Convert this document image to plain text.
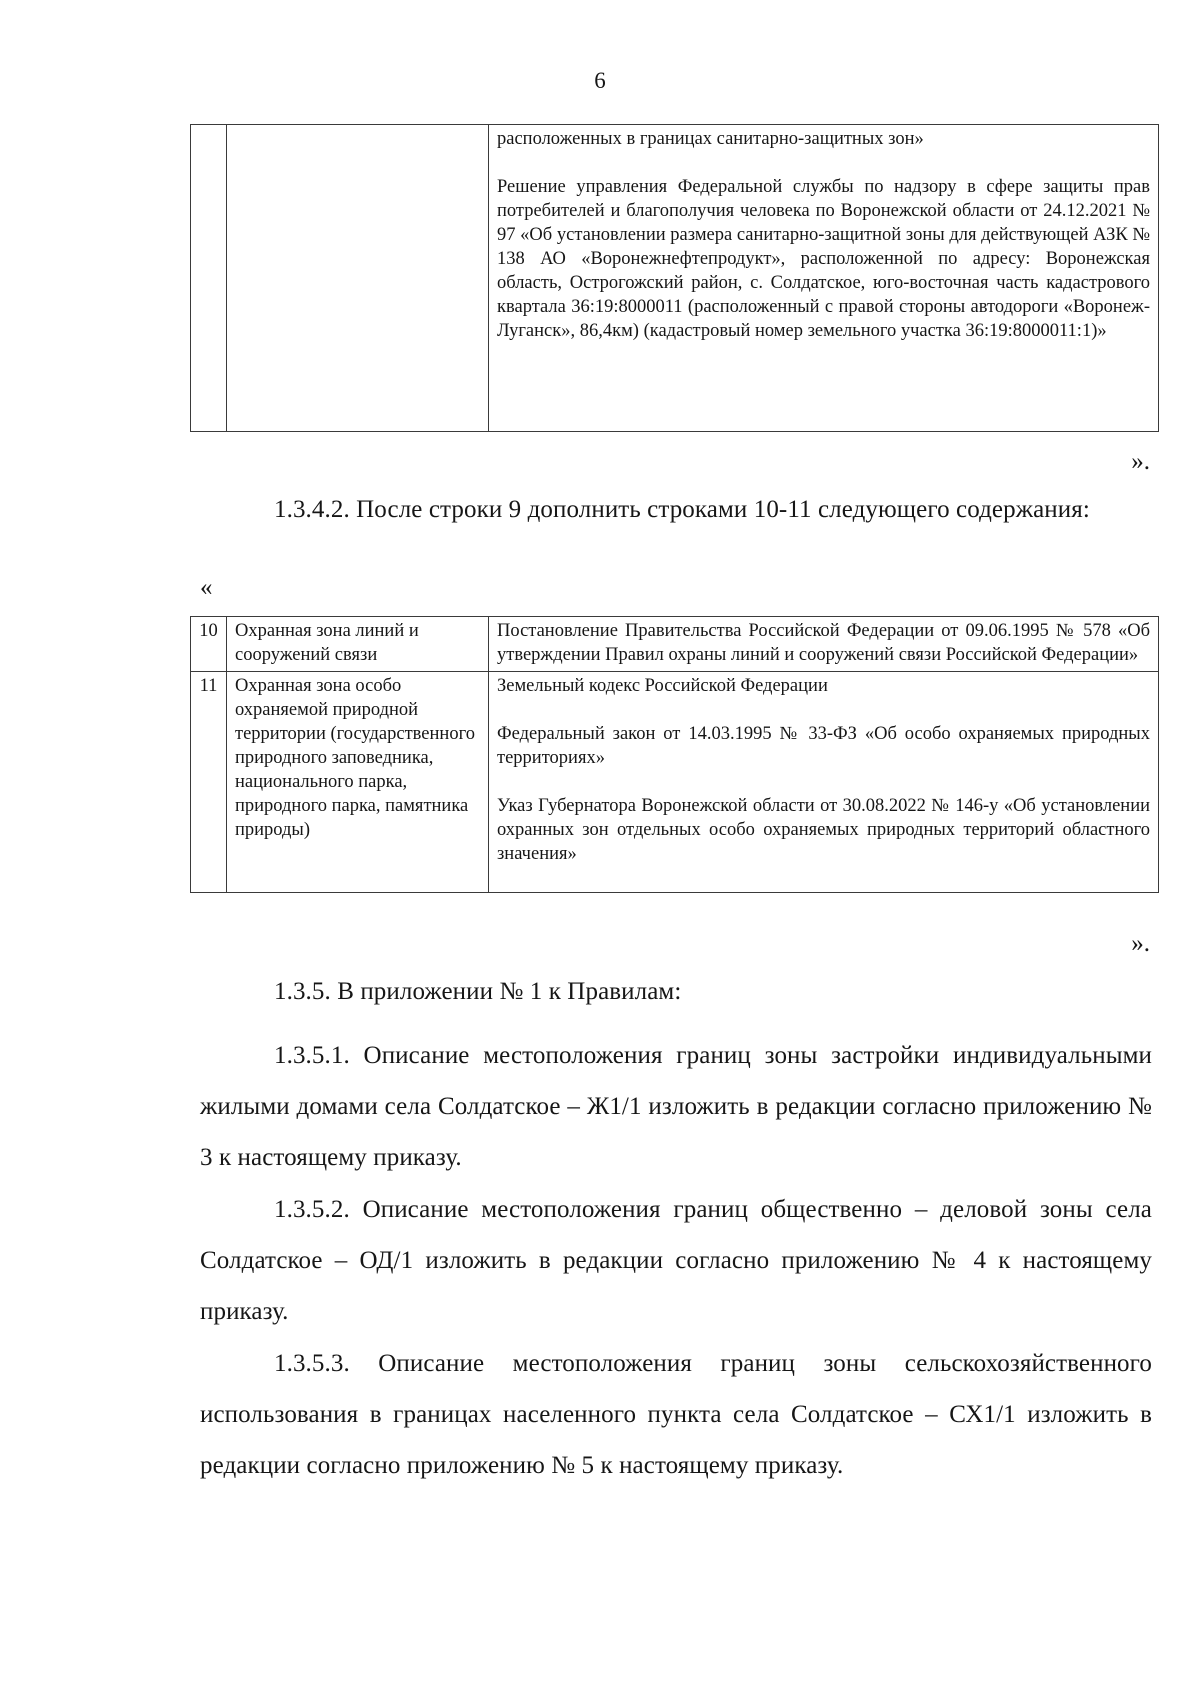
6

расположенных в границах санитарно-защитных зон»
Решение управления Федеральной службы по надзору в сфере защиты прав потребителей и благополучия человека по Воронежской области от 24.12.2021 № 97 «Об установлении размера санитарно-защитной зоны для действующей АЗК № 138 АО «Воронежнефтепродукт», расположенной по адресу: Воронежская область, Острогожский район, с. Солдатское, юго-восточная часть кадастрового квартала 36:19:8000011 (расположенный с правой стороны автодороги «Воронеж-Луганск», 86,4км) (кадастровый номер земельного участка 36:19:8000011:1)»
».
1.3.4.2. После строки 9 дополнить строками 10-11 следующего содержания:
«
10	Охранная зона линий и сооружений связи	Постановление Правительства Российской Федерации от 09.06.1995 № 578 «Об утверждении Правил охраны линий и сооружений связи Российской Федерации»

11	Охранная зона особо охраняемой природной территории (государственного природного заповедника, национального парка, природного парка, памятника природы)	Земельный кодекс Российской Федерации
Федеральный закон от 14.03.1995 № 33-ФЗ «Об особо охраняемых природных территориях»
Указ Губернатора Воронежской области от 30.08.2022 № 146-у «Об установлении охранных зон отдельных особо охраняемых природных территорий областного значения»
».
1.3.5. В приложении № 1 к Правилам:
1.3.5.1. Описание местоположения границ зоны застройки индивидуальными жилыми домами села Солдатское – Ж1/1 изложить в редакции согласно приложению № 3 к настоящему приказу.
1.3.5.2. Описание местоположения границ общественно – деловой зоны села Солдатское – ОД/1 изложить в редакции согласно приложению № 4 к настоящему приказу.
1.3.5.3. Описание местоположения границ зоны сельскохозяйственного использования в границах населенного пункта села Солдатское – СХ1/1 изложить в редакции согласно приложению № 5 к настоящему приказу.
